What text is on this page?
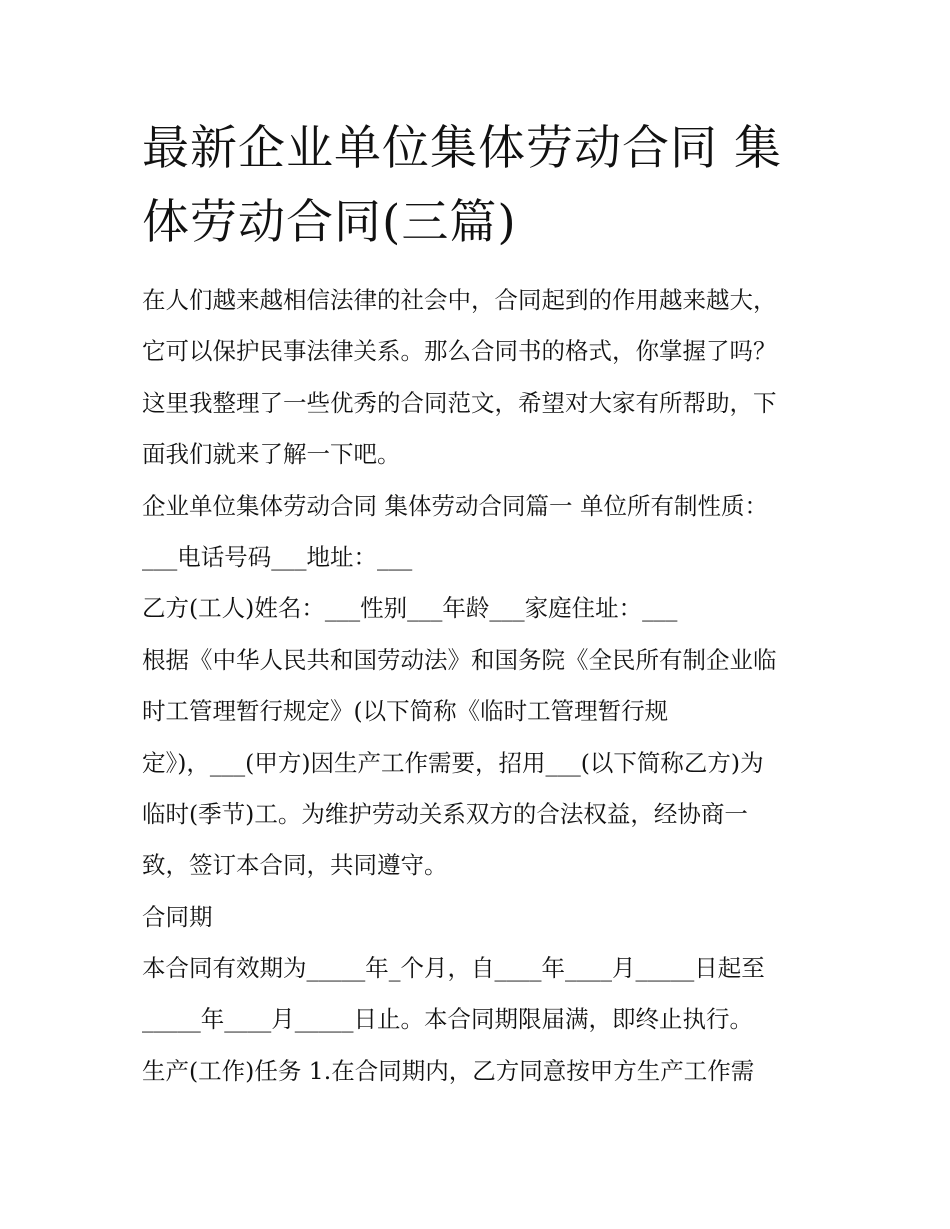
最新企业单位集体劳动合同 集
体劳动合同(三篇)
在人们越来越相信法律的社会中，合同起到的作用越来越大，
它可以保护民事法律关系。那么合同书的格式，你掌握了吗？
这里我整理了一些优秀的合同范文，希望对大家有所帮助，下
面我们就来了解一下吧。
企业单位集体劳动合同 集体劳动合同篇一 单位所有制性质：
___电话号码___地址：___
乙方(工人)姓名：___性别___年龄___家庭住址：___
根据《中华人民共和国劳动法》和国务院《全民所有制企业临
时工管理暂行规定》(以下简称《临时工管理暂行规
定》)，___(甲方)因生产工作需要，招用___(以下简称乙方)为
临时(季节)工。为维护劳动关系双方的合法权益，经协商一
致，签订本合同，共同遵守。
合同期
本合同有效期为_____年_个月，自____年____月_____日起至
_____年____月_____日止。本合同期限届满，即终止执行。
生产(工作)任务 1.在合同期内，乙方同意按甲方生产工作需
